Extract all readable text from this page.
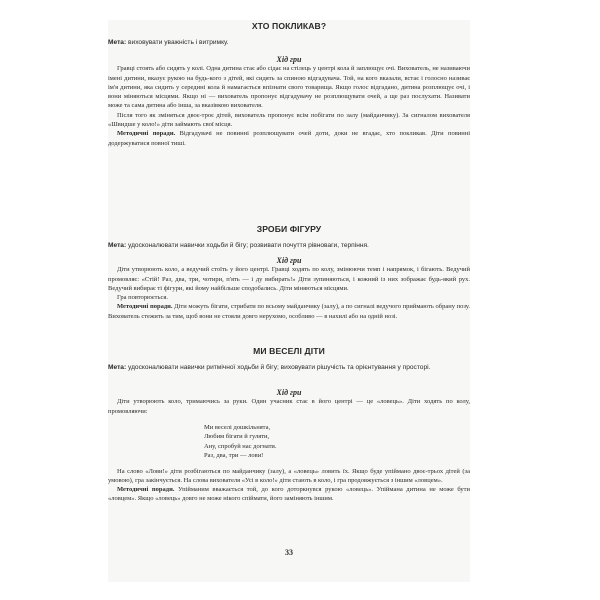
ХТО ПОКЛИКАВ?

Мета: виховувати уважність і витримку.

Хід гри

Гравці стоять або сидять у колі. Одна дитина стає або сідає на стілець у центрі кола й заплющує очі. Вихователь, не називаючи імені дитини, вказує рукою на будь-кого з дітей, які сидять за спиною відгадувача. Той, на кого вказали, встає і голосно називає ім'я дитини, яка сидить у середині кола й намагається впізнати свого товарища. Якщо голос відгадано, дитина розплющує очі, і вони міняються місцями. Якщо ні — вихователь пропонує відгадувачу не розплющувати очей, а ще раз послухати. Називати може та сама дитина або інша, за вказівкою вихователя.

Після того як зміняться двоє-троє дітей, вихователь пропонує всім побігати по залу (майданчику). За сигналом вихователя «Швидше у коло!» діти займають свої місця.

Методичні поради. Відгадувачі не повинні розплющувати очей доти, доки не вгадає, хто покликав. Діти повинні додержуватися повної тиші.

ЗРОБИ ФІГУРУ

Мета: удосконалювати навички ходьби й бігу; розвивати почуття рівноваги, терпіння.

Хід гри

Діти утворюють коло, а ведучий стоїть у його центрі. Гравці ходять по колу, змінюючи темп і напрямок, і бігають. Ведучий промовляє: «Стій! Раз, два, три, чотири, п'ять — і ду вибирать!» Діти зупиняються, і кожний із них зображає будь-який рух. Ведучий вибирає ті фігури, які йому найбільше сподобались. Діти міняються місцями.

Гра повторюється.

Методичні поради. Діти можуть бігати, стрибати по всьому майданчику (залу), а по сигналі ведучого приймають обрану позу. Вихователь стежить за тим, щоб вони не стояли довго нерухомо, особливо — в нахилі або на одній нозі.

МИ ВЕСЕЛІ ДІТИ

Мета: удосконалювати навички ритмічної ходьби й бігу; виховувати рішучість та орієнтування у просторі.

Хід гри

Діти утворюють коло, тримаючись за руки. Один учасник стає в його центрі — це «ловець». Діти ходять по колу, промовляючи:

Ми веселі дошкільнята,

Любим бігати й гуляти,

Ану, спробуй нас догнати.

Раз, два, три — лови!

На слово «Лови!» діти розбігаються по майданчику (залу), а «ловець» ловить їх. Якщо буде упіймано двоє-трьох дітей (за умовою), гра закінчується. На слова вихователя «Усі в коло!» діти стають в коло, і гра продовжується з іншим «ловцем».

Методичні поради. Упійманим вважається той, до кого доторкнувся рукою «ловець». Упіймана дитина не може бути «ловцем». Якщо «ловець» довго не може нікого спіймати, його заміняють іншим.

33
